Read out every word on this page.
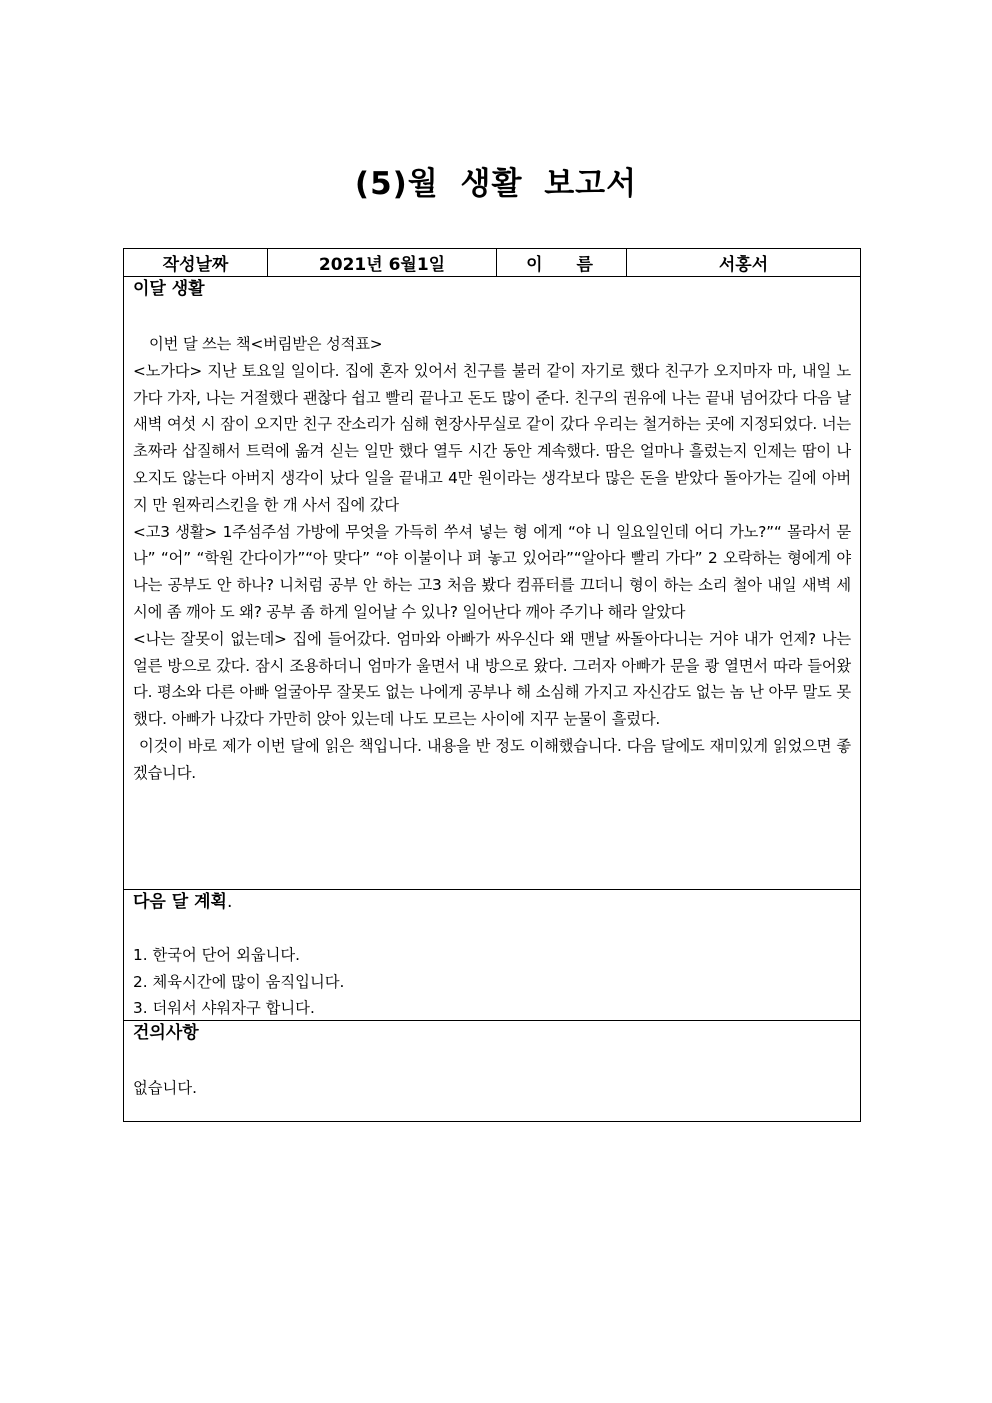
(5)월 생활 보고서
작성날짜	2021년 6월1일	이 름	서홍서
이달 생활

이번 달 쓰는 책<버림받은 성적표>

<노가다> 지난 토요일 일이다. 집에 혼자 있어서 친구를 불러 같이 자기로 했다 친구가 오지마자 마, 내일 노가다 가자, 나는 거절했다 괜찮다 쉽고 빨리 끝나고 돈도 많이 준다. 친구의 권유에 나는 끝내 넘어갔다 다음 날 새벽 여섯 시 잠이 오지만 친구 잔소리가 심해 현장사무실로 같이 갔다 우리는 철거하는 곳에 지정되었다. 너는 초짜라 삽질해서 트럭에 옮겨 싣는 일만 했다 열두 시간 동안 계속했다. 땀은 얼마나 흘렀는지 인제는 땀이 나오지도 않는다 아버지 생각이 났다 일을 끝내고 4만 원이라는 생각보다 많은 돈을 받았다 돌아가는 길에 아버지 만 원짜리스킨을 한 개 사서 집에 갔다

<고3 생활> 1주섬주섬 가방에 무엇을 가득히 쑤셔 넣는 형 에게 “야 니 일요일인데 어디 가노?”“ 몰라서 묻나” “어” “학원 간다이가”“아 맞다” “야 이불이나 펴 놓고 있어라”“알아다 빨리 가다” 2 오락하는 형에게 야 나는 공부도 안 하나? 니처럼 공부 안 하는 고3 처음 봤다 컴퓨터를 끄더니 형이 하는 소리 철아 내일 새벽 세 시에 좀 깨아 도 왜? 공부 좀 하게 일어날 수 있나? 일어난다 깨아 주기나 해라 알았다

<나는 잘못이 없는데> 집에 들어갔다. 엄마와 아빠가 싸우신다 왜 맨날 싸돌아다니는 거야 내가 언제? 나는 얼른 방으로 갔다. 잠시 조용하더니 엄마가 울면서 내 방으로 왔다. 그러자 아빠가 문을 쾅 열면서 따라 들어왔다. 평소와 다른 아빠 얼굴아무 잘못도 없는 나에게 공부나 해 소심해 가지고 자신감도 없는 놈 난 아무 말도 못 했다. 아빠가 나갔다 가만히 앉아 있는데 나도 모르는 사이에 지꾸 눈물이 흘렀다.

이것이 바로 제가 이번 달에 읽은 책입니다. 내용을 반 정도 이해했습니다. 다음 달에도 재미있게 읽었으면 좋겠습니다.

다음 달 계획.
1. 한국어 단어 외웁니다.
2. 체육시간에 많이 움직입니다.
3. 더워서 샤워자구 합니다.
건의사항
없습니다.
